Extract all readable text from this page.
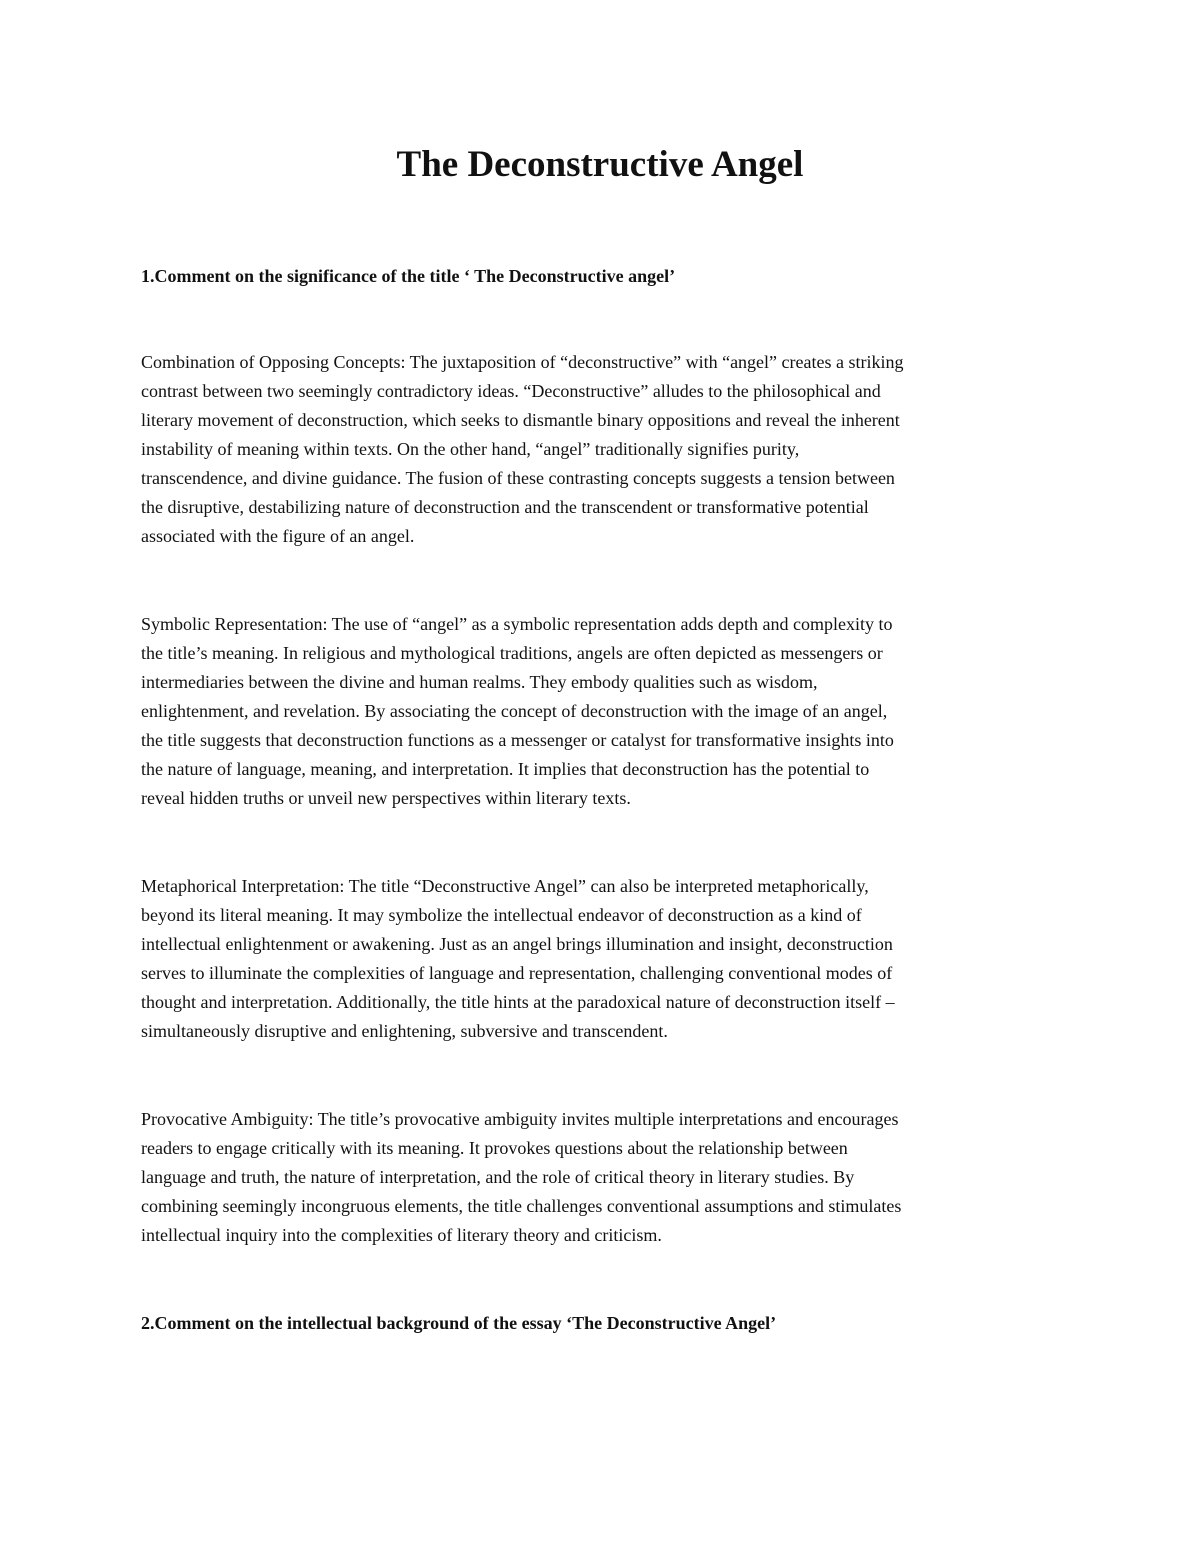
The Deconstructive Angel

1.Comment on the significance of the title ‘ The Deconstructive angel’

Combination of Opposing Concepts: The juxtaposition of “deconstructive” with “angel” creates a striking
contrast between two seemingly contradictory ideas. “Deconstructive” alludes to the philosophical and
literary movement of deconstruction, which seeks to dismantle binary oppositions and reveal the inherent
instability of meaning within texts. On the other hand, “angel” traditionally signifies purity,
transcendence, and divine guidance. The fusion of these contrasting concepts suggests a tension between
the disruptive, destabilizing nature of deconstruction and the transcendent or transformative potential
associated with the figure of an angel.
Symbolic Representation: The use of “angel” as a symbolic representation adds depth and complexity to
the title’s meaning. In religious and mythological traditions, angels are often depicted as messengers or
intermediaries between the divine and human realms. They embody qualities such as wisdom,
enlightenment, and revelation. By associating the concept of deconstruction with the image of an angel,
the title suggests that deconstruction functions as a messenger or catalyst for transformative insights into
the nature of language, meaning, and interpretation. It implies that deconstruction has the potential to
reveal hidden truths or unveil new perspectives within literary texts.
Metaphorical Interpretation: The title “Deconstructive Angel” can also be interpreted metaphorically,
beyond its literal meaning. It may symbolize the intellectual endeavor of deconstruction as a kind of
intellectual enlightenment or awakening. Just as an angel brings illumination and insight, deconstruction
serves to illuminate the complexities of language and representation, challenging conventional modes of
thought and interpretation. Additionally, the title hints at the paradoxical nature of deconstruction itself –
simultaneously disruptive and enlightening, subversive and transcendent.
Provocative Ambiguity: The title’s provocative ambiguity invites multiple interpretations and encourages
readers to engage critically with its meaning. It provokes questions about the relationship between
language and truth, the nature of interpretation, and the role of critical theory in literary studies. By
combining seemingly incongruous elements, the title challenges conventional assumptions and stimulates
intellectual inquiry into the complexities of literary theory and criticism.

2.Comment on the intellectual background of the essay ‘The Deconstructive Angel’
